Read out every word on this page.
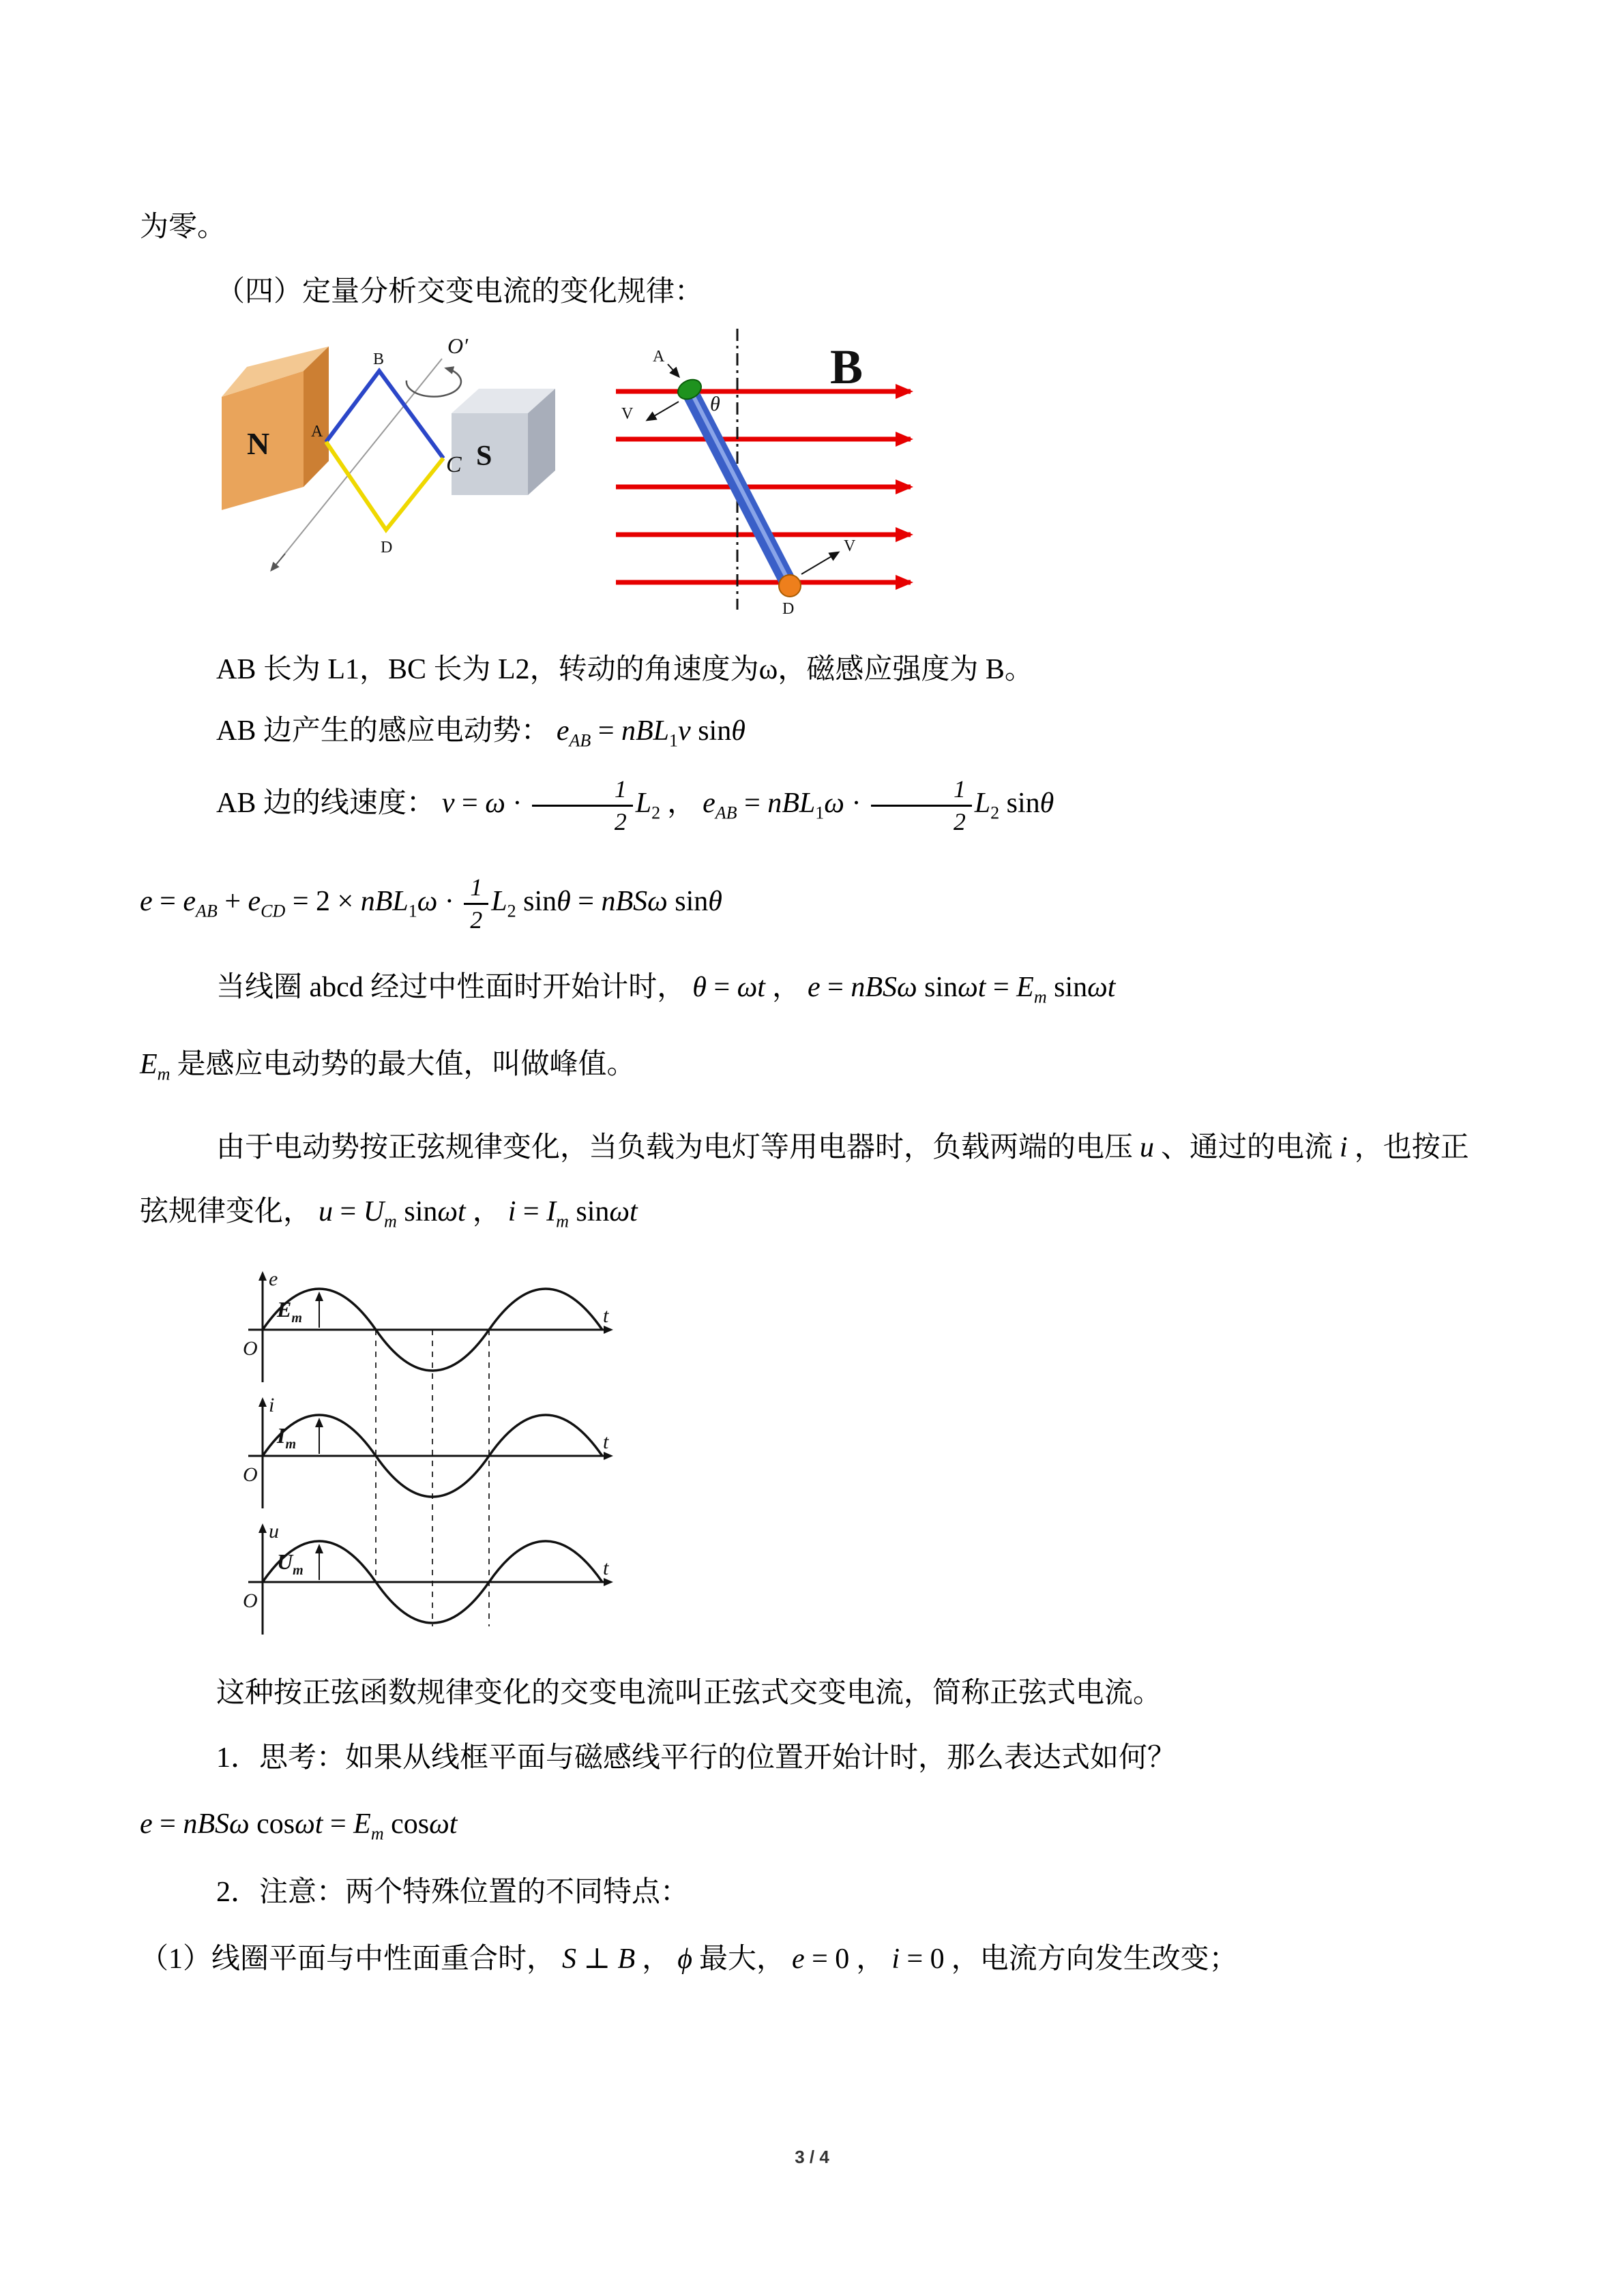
为零。

（四）定量分析交变电流的变化规律：

N	S
B
A
C
D
O′	B
A
θ
V
V
D

AB 长为 L1，BC 长为 L2，转动的角速度为ω，磁感应强度为 B。

AB 边产生的感应电动势： $e_{AB} = nBL_1v$ sinθ

AB 边的线速度： $v = \omega \cdot \frac{1}{2} L_2$ ， $e_{AB} = nBL_1\omega \cdot \frac{1}{2} L_2$ sinθ

$e = e_{AB} + e_{CD} = 2 \times nBL_1\omega \cdot \frac{1}{2} L_2$ sinθ = nBSω sinθ

当线圈 abcd 经过中性面时开始计时， θ = ωt ， e = nBSω $\sin\omega t = E_m$ sinωt

$E_m$ 是感应电动势的最大值，叫做峰值。

由于电动势按正弦规律变化，当负载为电灯等用电器时，负载两端的电压 u 、通过的电流 i ，也按正弦规律变化， $u = U_m$ sinωt ， $i = I_m$ sinωt

e
$E_m$
O
t
i
$I_m$
O
t
u
$U_m$
O
t

这种按正弦函数规律变化的交变电流叫正弦式交变电流，简称正弦式电流。

1．思考：如果从线框平面与磁感线平行的位置开始计时，那么表达式如何？

e = nBSω $\cos\omega t = E_m$ cosωt

2．注意：两个特殊位置的不同特点：

（1）线圈平面与中性面重合时， S ⊥ B ， ϕ 最大， e = 0 ， i = 0 ，电流方向发生改变；

3 / 4
